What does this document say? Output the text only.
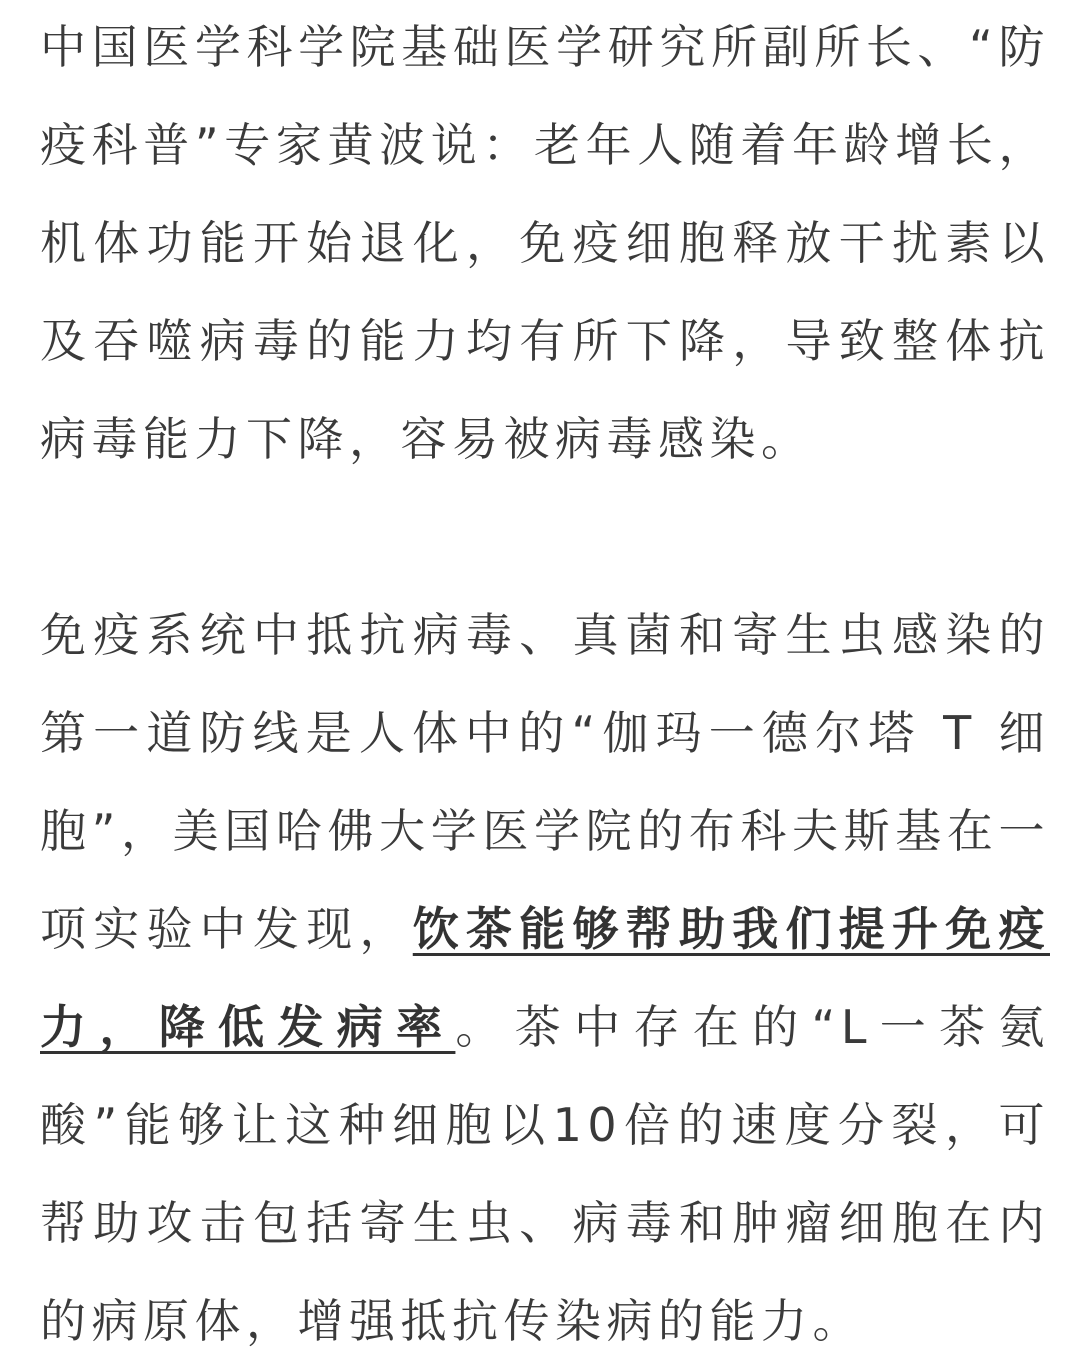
中国医学科学院基础医学研究所副所长、“防疫科普”专家黄波说：老年人随着年龄增长，机体功能开始退化，免疫细胞释放干扰素以及吞噬病毒的能力均有所下降，导致整体抗病毒能力下降，容易被病毒感染。

免疫系统中抵抗病毒、真菌和寄生虫感染的第一道防线是人体中的“伽玛一德尔塔 T 细胞”，美国哈佛大学医学院的布科夫斯基在一项实验中发现，饮茶能够帮助我们提升免疫力，降低发病率。茶中存在的“L一茶氨酸”能够让这种细胞以10倍的速度分裂，可帮助攻击包括寄生虫、病毒和肿瘤细胞在内的病原体，增强抵抗传染病的能力。
